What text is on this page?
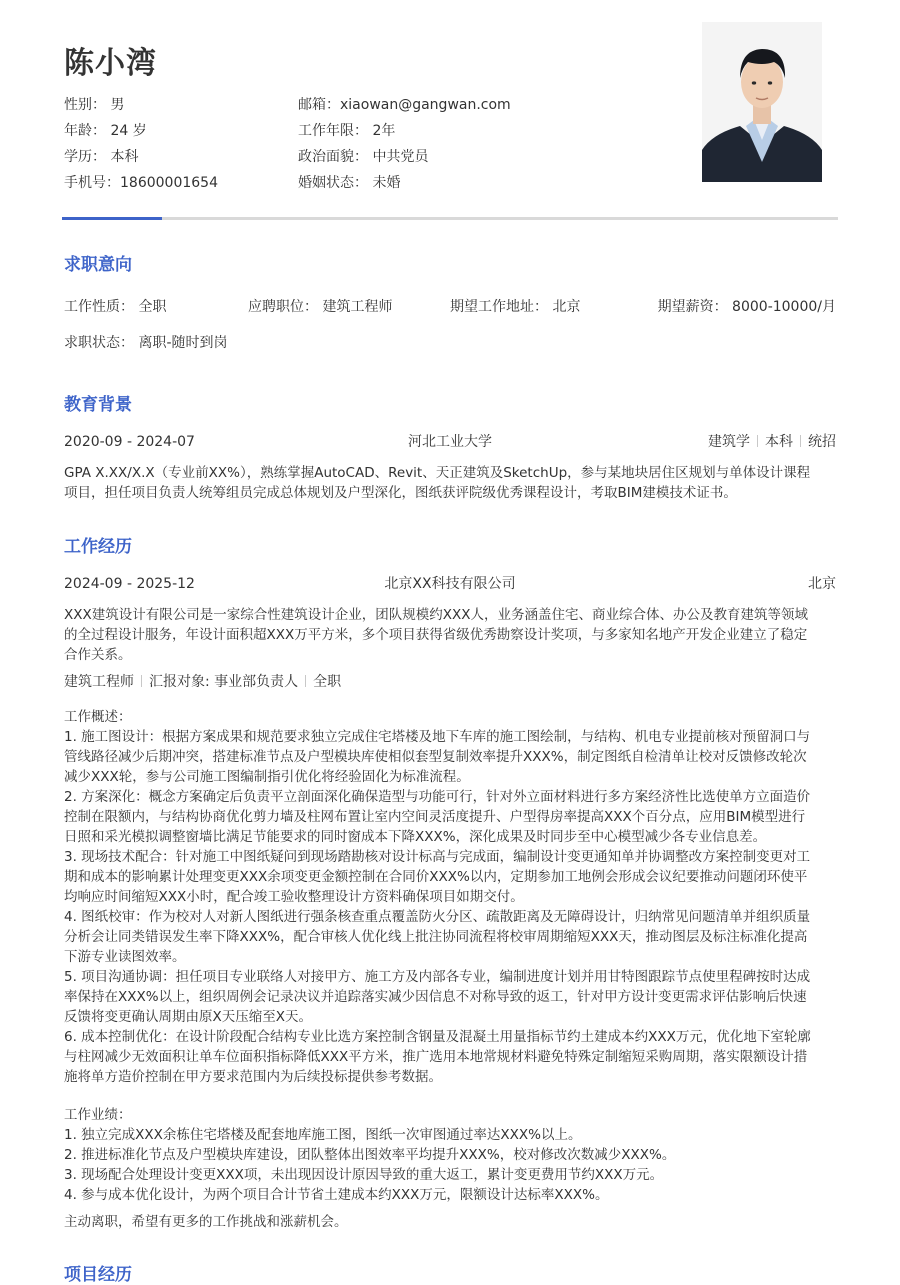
陈小湾
性别： 男
年龄： 24 岁
学历： 本科
手机号：18600001654
邮箱：xiaowan@gangwan.com
工作年限： 2年
政治面貌： 中共党员
婚姻状态： 未婚
求职意向
工作性质： 全职	应聘职位： 建筑工程师	期望工作地址： 北京	期望薪资： 8000-10000/月
求职状态： 离职-随时到岗
教育背景
2020-09 - 2024-07	河北工业大学	建筑学 本科 统招
GPA X.XX/X.X（专业前XX%），熟练掌握AutoCAD、Revit、天正建筑及SketchUp，参与某地块居住区规划与单体设计课程
项目，担任项目负责人统筹组员完成总体规划及户型深化，图纸获评院级优秀课程设计，考取BIM建模技术证书。
工作经历
2024-09 - 2025-12	北京XX科技有限公司	北京
XXX建筑设计有限公司是一家综合性建筑设计企业，团队规模约XXX人，业务涵盖住宅、商业综合体、办公及教育建筑等领域
的全过程设计服务，年设计面积超XXX万平方米，多个项目获得省级优秀勘察设计奖项，与多家知名地产开发企业建立了稳定
合作关系。
建筑工程师 汇报对象: 事业部负责人 全职
工作概述：
1. 施工图设计：根据方案成果和规范要求独立完成住宅塔楼及地下车库的施工图绘制，与结构、机电专业提前核对预留洞口与
管线路径减少后期冲突，搭建标准节点及户型模块库使相似套型复制效率提升XXX%，制定图纸自检清单让校对反馈修改轮次
减少XXX轮，参与公司施工图编制指引优化将经验固化为标准流程。
2. 方案深化：概念方案确定后负责平立剖面深化确保造型与功能可行，针对外立面材料进行多方案经济性比选使单方立面造价
控制在限额内，与结构协商优化剪力墙及柱网布置让室内空间灵活度提升、户型得房率提高XXX个百分点，应用BIM模型进行
日照和采光模拟调整窗墙比满足节能要求的同时窗成本下降XXX%，深化成果及时同步至中心模型减少各专业信息差。
3. 现场技术配合：针对施工中图纸疑问到现场踏勘核对设计标高与完成面，编制设计变更通知单并协调整改方案控制变更对工
期和成本的影响累计处理变更XXX余项变更金额控制在合同价XXX%以内，定期参加工地例会形成会议纪要推动问题闭环使平
均响应时间缩短XXX小时，配合竣工验收整理设计方资料确保项目如期交付。
4. 图纸校审：作为校对人对新人图纸进行强条核查重点覆盖防火分区、疏散距离及无障碍设计，归纳常见问题清单并组织质量
分析会让同类错误发生率下降XXX%，配合审核人优化线上批注协同流程将校审周期缩短XXX天，推动图层及标注标准化提高
下游专业读图效率。
5. 项目沟通协调：担任项目专业联络人对接甲方、施工方及内部各专业，编制进度计划并用甘特图跟踪节点使里程碑按时达成
率保持在XXX%以上，组织周例会记录决议并追踪落实减少因信息不对称导致的返工，针对甲方设计变更需求评估影响后快速
反馈将变更确认周期由原X天压缩至X天。
6. 成本控制优化：在设计阶段配合结构专业比选方案控制含钢量及混凝土用量指标节约土建成本约XXX万元，优化地下室轮廓
与柱网减少无效面积让单车位面积指标降低XXX平方米，推广选用本地常规材料避免特殊定制缩短采购周期，落实限额设计措
施将单方造价控制在甲方要求范围内为后续投标提供参考数据。
工作业绩：
1. 独立完成XXX余栋住宅塔楼及配套地库施工图，图纸一次审图通过率达XXX%以上。
2. 推进标准化节点及户型模块库建设，团队整体出图效率平均提升XXX%，校对修改次数减少XXX%。
3. 现场配合处理设计变更XXX项，未出现因设计原因导致的重大返工，累计变更费用节约XXX万元。
4. 参与成本优化设计，为两个项目合计节省土建成本约XXX万元，限额设计达标率XXX%。
主动离职，希望有更多的工作挑战和涨薪机会。
项目经历
